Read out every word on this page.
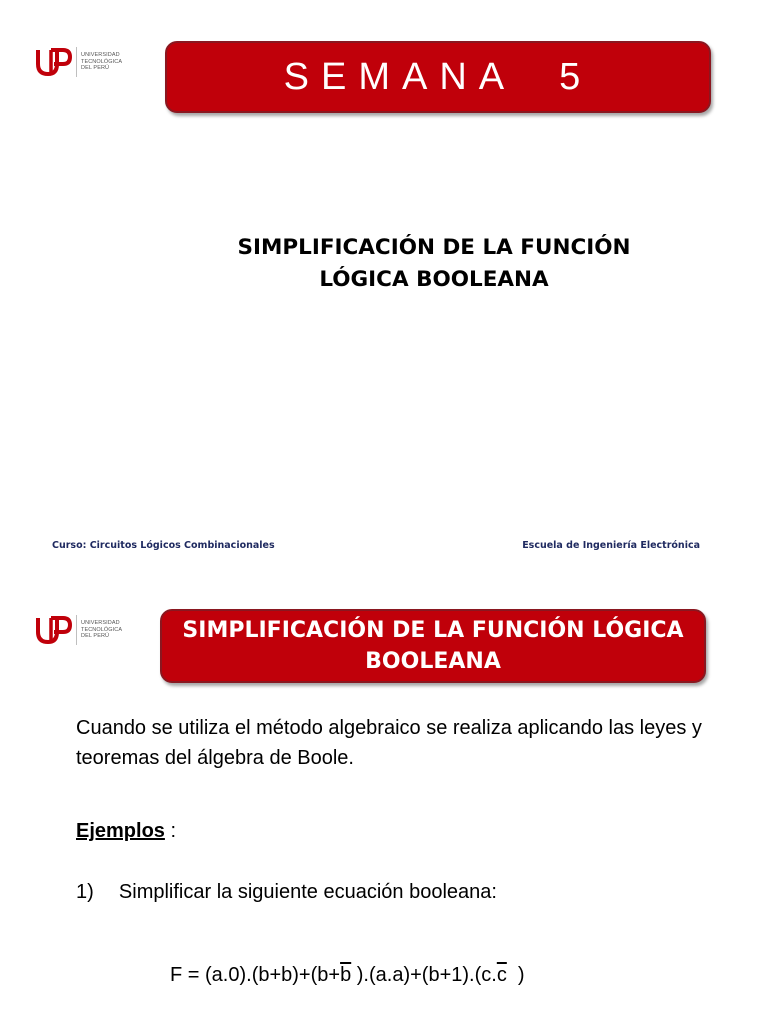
UNIVERSIDAD
TECNOLÓGICA
DEL PERÚ	SEMANA  5
SIMPLIFICACIÓN DE LA FUNCIÓN
LÓGICA BOOLEANA
Curso: Circuitos Lógicos Combinacionales	Escuela de Ingeniería Electrónica
UNIVERSIDAD
TECNOLÓGICA
DEL PERÚ	SIMPLIFICACIÓN DE LA FUNCIÓN LÓGICA BOOLEANA
Cuando se utiliza el método algebraico se realiza aplicando las leyes y teoremas del álgebra de Boole.
Ejemplos :
1) Simplificar la siguiente ecuación booleana:
$F = (a.0).(b+b)+(b+\overline{b}$ )$.(a.a)+(b+1).(c.\overline{c}$  )
